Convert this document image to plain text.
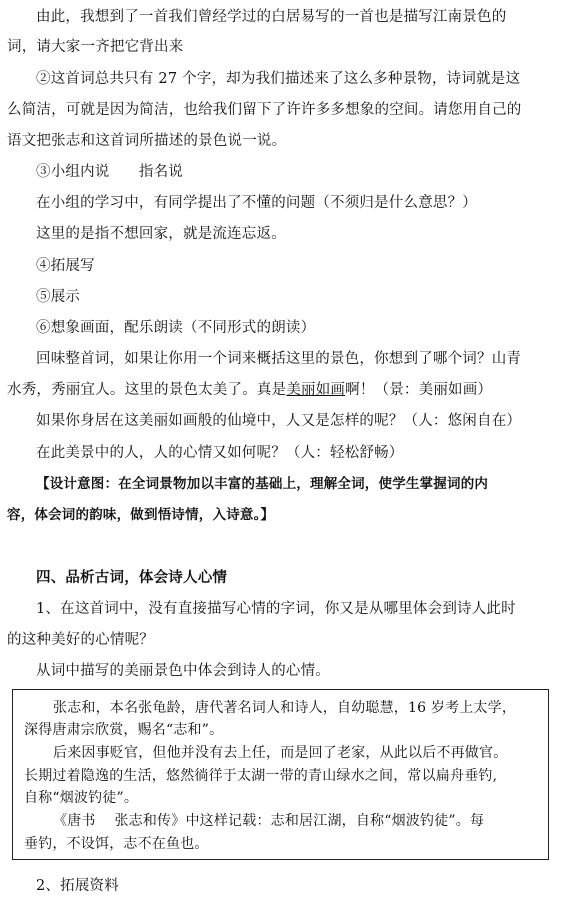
由此，我想到了一首我们曾经学过的白居易写的一首也是描写江南景色的
词，请大家一齐把它背出来
②这首词总共只有 27 个字，却为我们描述来了这么多种景物，诗词就是这
么简洁，可就是因为简洁，也给我们留下了许许多多想象的空间。请您用自己的
语文把张志和这首词所描述的景色说一说。
③小组内说　　指名说
在小组的学习中，有同学提出了不懂的问题（不须归是什么意思？）
这里的是指不想回家，就是流连忘返。
④拓展写
⑤展示
⑥想象画面，配乐朗读（不同形式的朗读）
回味整首词，如果让你用一个词来概括这里的景色，你想到了哪个词？山青
水秀，秀丽宜人。这里的景色太美了。真是美丽如画啊！（景：美丽如画）
如果你身居在这美丽如画般的仙境中，人又是怎样的呢？（人：悠闲自在）
在此美景中的人，人的心情又如何呢？（人：轻松舒畅）
【设计意图：在全词景物加以丰富的基础上，理解全词，使学生掌握词的内
容，体会词的韵味，做到悟诗情，入诗意。】
四、品析古词，体会诗人心情
1、在这首词中，没有直接描写心情的字词，你又是从哪里体会到诗人此时
的这种美好的心情呢？
从词中描写的美丽景色中体会到诗人的心情。
张志和，本名张龟龄，唐代著名词人和诗人，自幼聪慧，16 岁考上太学，
深得唐肃宗欣赏，赐名“志和”。
后来因事贬官，但他并没有去上任，而是回了老家，从此以后不再做官。
长期过着隐逸的生活，悠然徜徉于太湖一带的青山绿水之间，常以扁舟垂钓,
自称“烟波钓徒”。
《唐书　 张志和传》中这样记载：志和居江湖，自称“烟波钓徒”。每
垂钓，不设饵，志不在鱼也。
2、拓展资料
